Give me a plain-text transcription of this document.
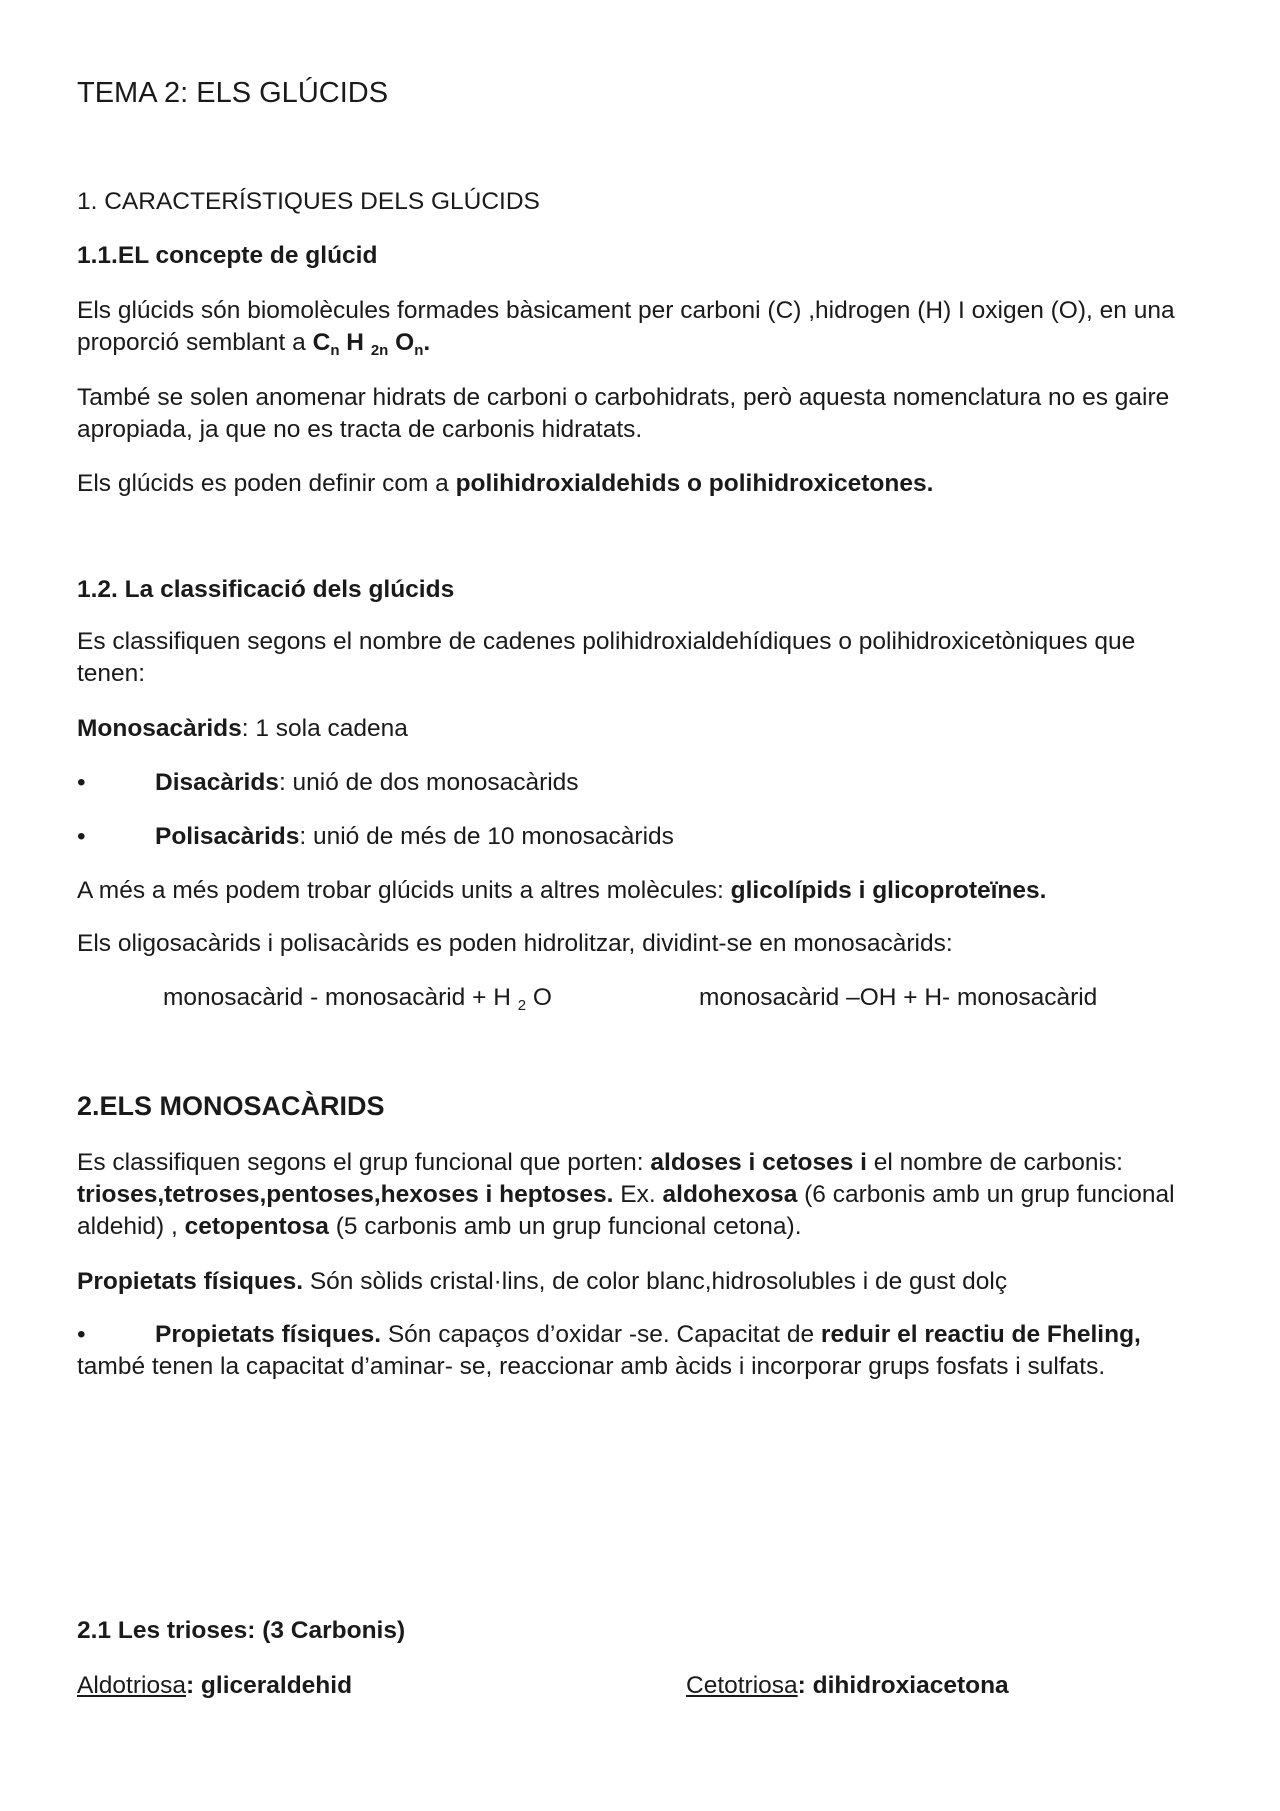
TEMA 2: ELS GLÚCIDS

1. CARACTERÍSTIQUES DELS GLÚCIDS

1.1.EL concepte de glúcid

Els glúcids són biomolècules formades bàsicament per carboni (C) ,hidrogen (H) I oxigen (O), en una proporció semblant a $C_n$ H $_{2n}$ $O_n$.

També se solen anomenar hidrats de carboni o carbohidrats, però aquesta nomenclatura no es gaire apropiada, ja que no es tracta de carbonis hidratats.

Els glúcids es poden definir com a polihidroxialdehids o polihidroxicetones.

1.2. La classificació dels glúcids

Es classifiquen segons el nombre de cadenes polihidroxialdehídiques o polihidroxicetòniques que tenen:

Monosacàrids: 1 sola cadena

•	Disacàrids: unió de dos monosacàrids

•	Polisacàrids: unió de més de 10 monosacàrids

A més a més podem trobar glúcids units a altres molècules: glicolípids i glicoproteïnes.

Els oligosacàrids i polisacàrids es poden hidrolitzar, dividint-se en monosacàrids:

monosacàrid - monosacàrid + H $_2$ O	monosacàrid –OH + H- monosacàrid

2.ELS MONOSACÀRIDS

Es classifiquen segons el grup funcional que porten: aldoses i cetoses i el nombre de carbonis: trioses,tetroses,pentoses,hexoses i heptoses. Ex. aldohexosa (6 carbonis amb un grup funcional aldehid) , cetopentosa (5 carbonis amb un grup funcional cetona).

Propietats físiques. Són sòlids cristal·lins, de color blanc,hidrosolubles i de gust dolç

•	Propietats físiques. Són capaços d’oxidar -se. Capacitat de reduir el reactiu de Fheling, també tenen la capacitat d’aminar- se, reaccionar amb àcids i incorporar grups fosfats i sulfats.

2.1 Les trioses: (3 Carbonis)

Aldotriosa: gliceraldehid	Cetotriosa: dihidroxiacetona
